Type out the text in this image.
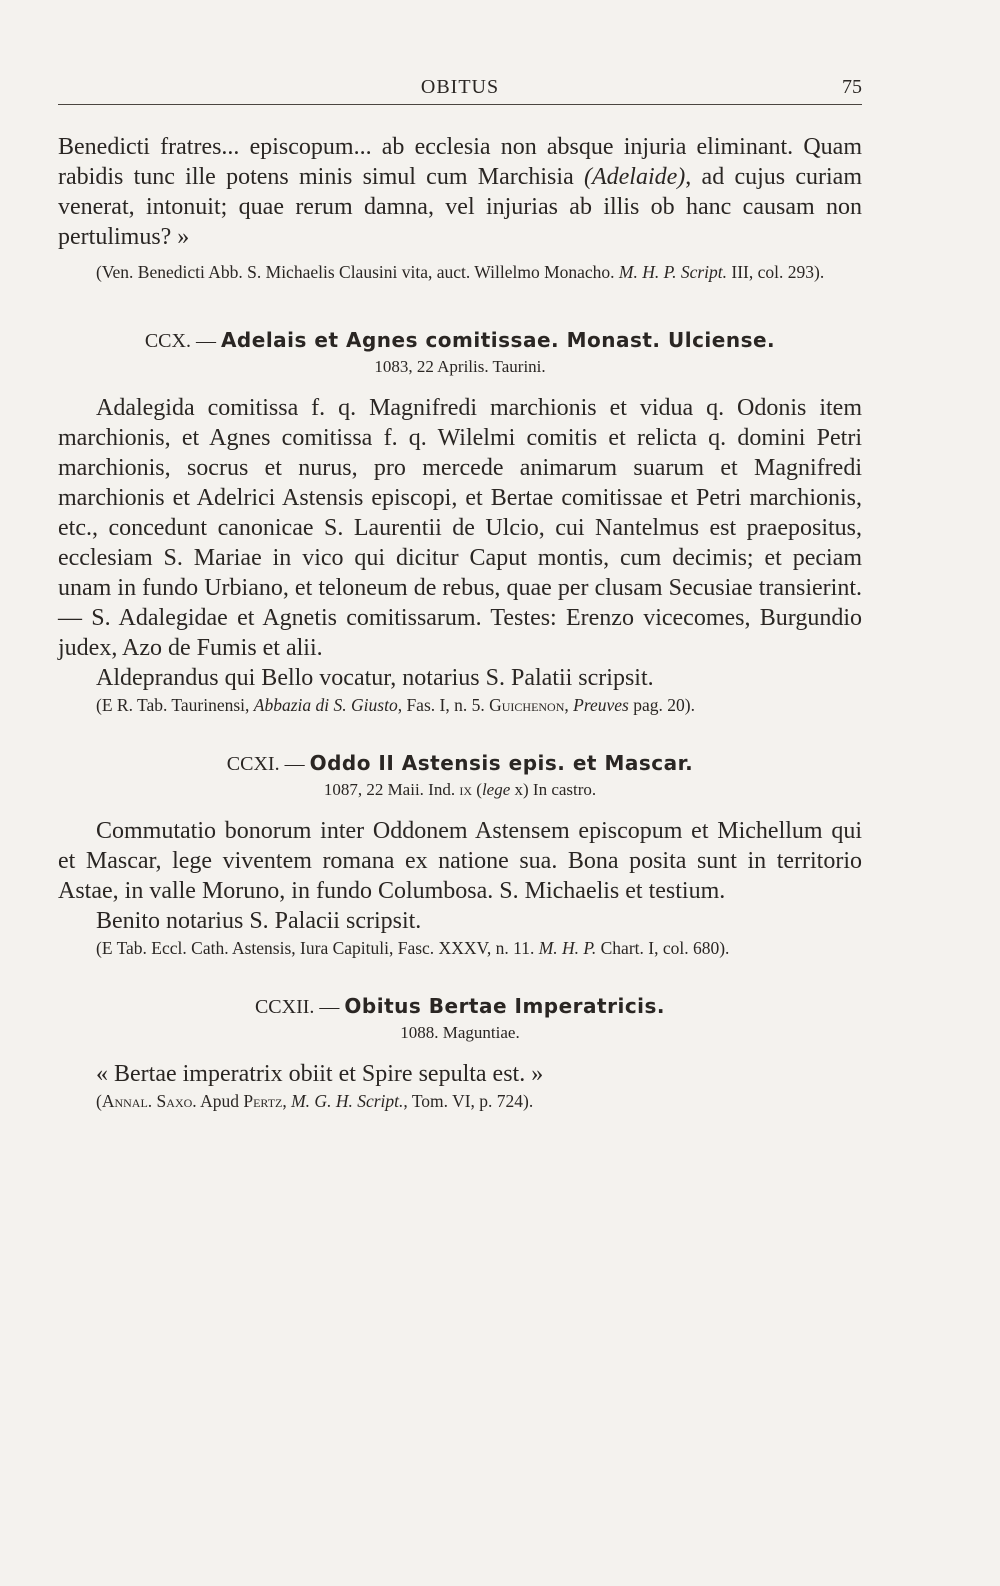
OBITUS	75

Benedicti fratres... episcopum... ab ecclesia non absque injuria eliminant. Quam rabidis tunc ille potens minis simul cum Marchisia (Adelaide), ad cujus curiam venerat, intonuit; quae rerum damna, vel injurias ab illis ob hanc causam non pertulimus? »

(Ven. Benedicti Abb. S. Michaelis Clausini vita, auct. Willelmo Monacho. M. H. P. Script. III, col. 293).

CCX. — Adelais et Agnes comitissae. Monast. Ulciense.

1083, 22 Aprilis. Taurini.

Adalegida comitissa f. q. Magnifredi marchionis et vidua q. Odonis item marchionis, et Agnes comitissa f. q. Wilelmi comitis et relicta q. domini Petri marchionis, socrus et nurus, pro mercede animarum suarum et Magnifredi marchionis et Adelrici Astensis episcopi, et Bertae comitissae et Petri marchionis, etc., concedunt canonicae S. Laurentii de Ulcio, cui Nantelmus est praepositus, ecclesiam S. Mariae in vico qui dicitur Caput montis, cum decimis; et peciam unam in fundo Urbiano, et teloneum de rebus, quae per clusam Secusiae transierint. — S. Adalegidae et Agnetis comitissarum. Testes: Erenzo vicecomes, Burgundio judex, Azo de Fumis et alii.

Aldeprandus qui Bello vocatur, notarius S. Palatii scripsit.

(E R. Tab. Taurinensi, Abbazia di S. Giusto, Fas. I, n. 5. Guichenon, Preuves pag. 20).

CCXI. — Oddo II Astensis epis. et Mascar.

1087, 22 Maii. Ind. ix (lege x) In castro.

Commutatio bonorum inter Oddonem Astensem episcopum et Michellum qui et Mascar, lege viventem romana ex natione sua. Bona posita sunt in territorio Astae, in valle Moruno, in fundo Columbosa. S. Michaelis et testium.

Benito notarius S. Palacii scripsit.

(E Tab. Eccl. Cath. Astensis, Iura Capituli, Fasc. XXXV, n. 11. M. H. P. Chart. I, col. 680).

CCXII. — Obitus Bertae Imperatricis.

1088. Maguntiae.

« Bertae imperatrix obiit et Spire sepulta est. »

(Annal. Saxo. Apud Pertz, M. G. H. Script., Tom. VI, p. 724).
